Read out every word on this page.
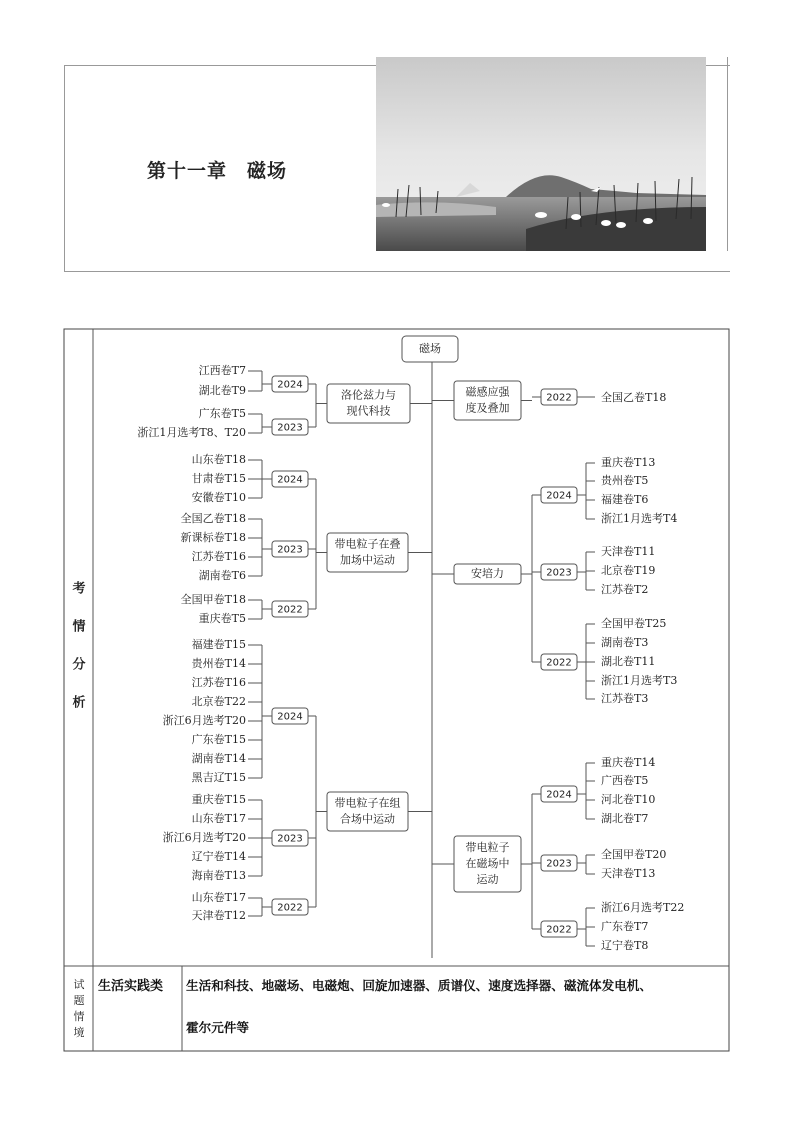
第十一章　磁场
考
情
分
析
磁场
洛伦兹力与
现代科技
2024
江西卷T7
湖北卷T9
2023
广东卷T5
浙江1月选考T8、T20
带电粒子在叠
加场中运动
2024
山东卷T18
甘肃卷T15
安徽卷T10
2023
全国乙卷T18
新课标卷T18
江苏卷T16
湖南卷T6
2022
全国甲卷T18
重庆卷T5
带电粒子在组
合场中运动
2024
福建卷T15
贵州卷T14
江苏卷T16
北京卷T22
浙江6月选考T20
广东卷T15
湖南卷T14
黑吉辽T15
2023
重庆卷T15
山东卷T17
浙江6月选考T20
辽宁卷T14
海南卷T13
2022
山东卷T17
天津卷T12
磁感应强
度及叠加
2022	全国乙卷T18
安培力
2024
重庆卷T13
贵州卷T5
福建卷T6
浙江1月选考T4
2023
天津卷T11
北京卷T19
江苏卷T2
2022
全国甲卷T25
湖南卷T3
湖北卷T11
浙江1月选考T3
江苏卷T3
带电粒子
在磁场中
运动
2024
重庆卷T14
广西卷T5
河北卷T10
湖北卷T7
2023
全国甲卷T20
天津卷T13
2022
浙江6月选考T22
广东卷T7
辽宁卷T8
生活实践类 生活和科技、地磁场、电磁炮、回旋加速器、质谱仪、速度选择器、磁流体发电机、
霍尔元件等
试
题
情
境
